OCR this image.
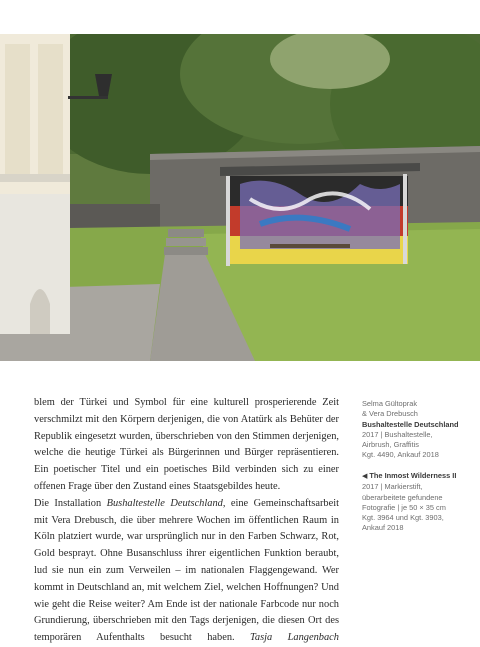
blem der Türkei und Symbol für eine kulturell prosperierende Zeit verschmilzt mit den Körpern derjenigen, die von Atatürk als Behüter der Republik eingesetzt wurden, überschrieben von den Stimmen derjenigen, welche die heutige Türkei als Bürgerinnen und Bürger repräsentieren. Ein poetischer Titel und ein poetisches Bild verbinden sich zu einer offenen Frage über den Zustand eines Staatsgebildes heute.

Die Installation Bushaltestelle Deutschland, eine Gemeinschaftsarbeit mit Vera Drebusch, die über mehrere Wochen im öffentlichen Raum in Köln platziert wurde, war ursprünglich nur in den Farben Schwarz, Rot, Gold besprayt. Ohne Busanschluss ihrer eigentlichen Funktion beraubt, lud sie nun ein zum Verweilen – im nationalen Flaggengewand. Wer kommt in Deutschland an, mit welchem Ziel, welchen Hoffnungen? Und wie geht die Reise weiter? Am Ende ist der nationale Farbcode nur noch Grundierung, überschrieben mit den Tags derjenigen, die diesen Ort des temporären Aufenthalts besucht haben. Tasja Langenbach

Selma Gültoprak
& Vera Drebusch
Bushaltestelle Deutschland
2017 | Bushaltestelle,
Airbrush, Graffitis
Kgt. 4490, Ankauf 2018
◀ The Inmost Wilderness II
2017 | Markierstift,
überarbeitete gefundene
Fotografie | je 50 × 35 cm
Kgt. 3964 und Kgt. 3903,
Ankauf 2018
